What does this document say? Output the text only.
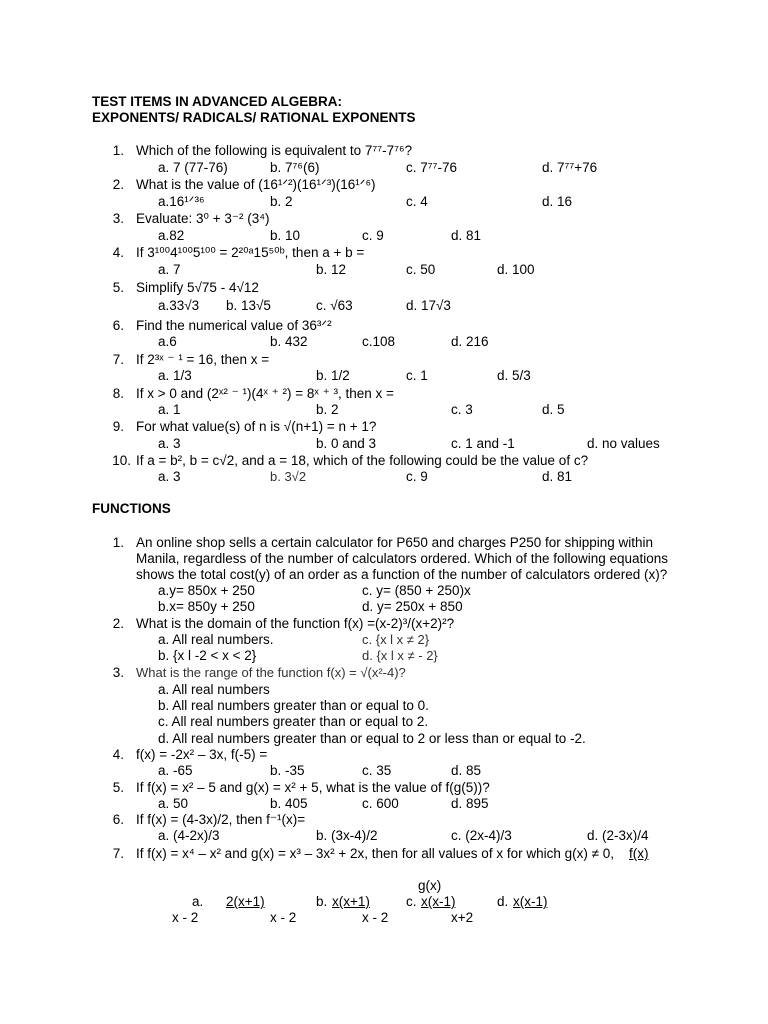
TEST ITEMS IN ADVANCED ALGEBRA:
EXPONENTS/ RADICALS/ RATIONAL EXPONENTS
1. Which of the following is equivalent to 7⁷⁷-7⁷⁶?
a. 7 (77-76)	b. 7⁷⁶(6)	c. 7⁷⁷-76	d. 7⁷⁷+76
2. What is the value of (16¹ᐟ²)(16¹ᐟ³)(16¹ᐟ⁶)
a.16¹ᐟ³⁶	b. 2	c. 4	d. 16
3. Evaluate: 3⁰ + 3⁻² (3⁴)
a.82	b. 10	c. 9	d. 81
4. If 3¹⁰⁰4¹⁰⁰5¹⁰⁰ = 2²⁰ᵃ15⁵⁰ᵇ, then a + b =
a. 7	b. 12	c. 50	d. 100
5. Simplify 5√75 - 4√12
a.33√3 b. 13√5	c. √63	d. 17√3
6. Find the numerical value of 36³ᐟ²
a.6	b. 432	c.108	d. 216
7. If 2³ˣ ⁻ ¹ = 16, then x =
a. 1/3	b. 1/2	c. 1	d. 5/3
8. If x > 0 and (2ˣ² ⁻ ¹)(4ˣ ⁺ ²) = 8ˣ ⁺ ³, then x =
a. 1	b. 2	c. 3	d. 5
9. For what value(s) of n is √(n+1) = n + 1?
a. 3	b. 0 and 3	c. 1 and -1	d. no values
10. If a = b², b = c√2, and a = 18, which of the following could be the value of c?
a. 3	b. 3√2	c. 9	d. 81
FUNCTIONS
1. An online shop sells a certain calculator for P650 and charges P250 for shipping within
Manila, regardless of the number of calculators ordered. Which of the following equations
shows the total cost(y) of an order as a function of the number of calculators ordered (x)?
a.y= 850x + 250	c. y= (850 + 250)x
b.x= 850y + 250	d. y= 250x + 850
2. What is the domain of the function f(x) =(x-2)³/(x+2)²?
a. All real numbers.	c. {x l x ≠ 2}
b. {x l -2 < x < 2}	d. {x l x ≠ - 2}
3. What is the range of the function f(x) = √(x²-4)?
a. All real numbers
b. All real numbers greater than or equal to 0.
c. All real numbers greater than or equal to 2.
d. All real numbers greater than or equal to 2 or less than or equal to -2.
4. f(x) = -2x² – 3x, f(-5) =
a. -65	b. -35	c. 35	d. 85
5. If f(x) = x² – 5 and g(x) = x² + 5, what is the value of f(g(5))?
a. 50	b. 405	c. 600	d. 895
6. If f(x) = (4-3x)/2, then f⁻¹(x)=
a. (4-2x)/3	b. (3x-4)/2	c. (2x-4)/3	d. (2-3x)/4
7. If f(x) = x⁴ – x² and g(x) = x³ – 3x² + 2x, then for all values of x for which g(x) ≠ 0, f(x)
g(x)
a. 2(x+1)
x - 2
b. x(x+1)
x - 2
c. x(x-1)
x - 2
d. x(x-1)
x+2
